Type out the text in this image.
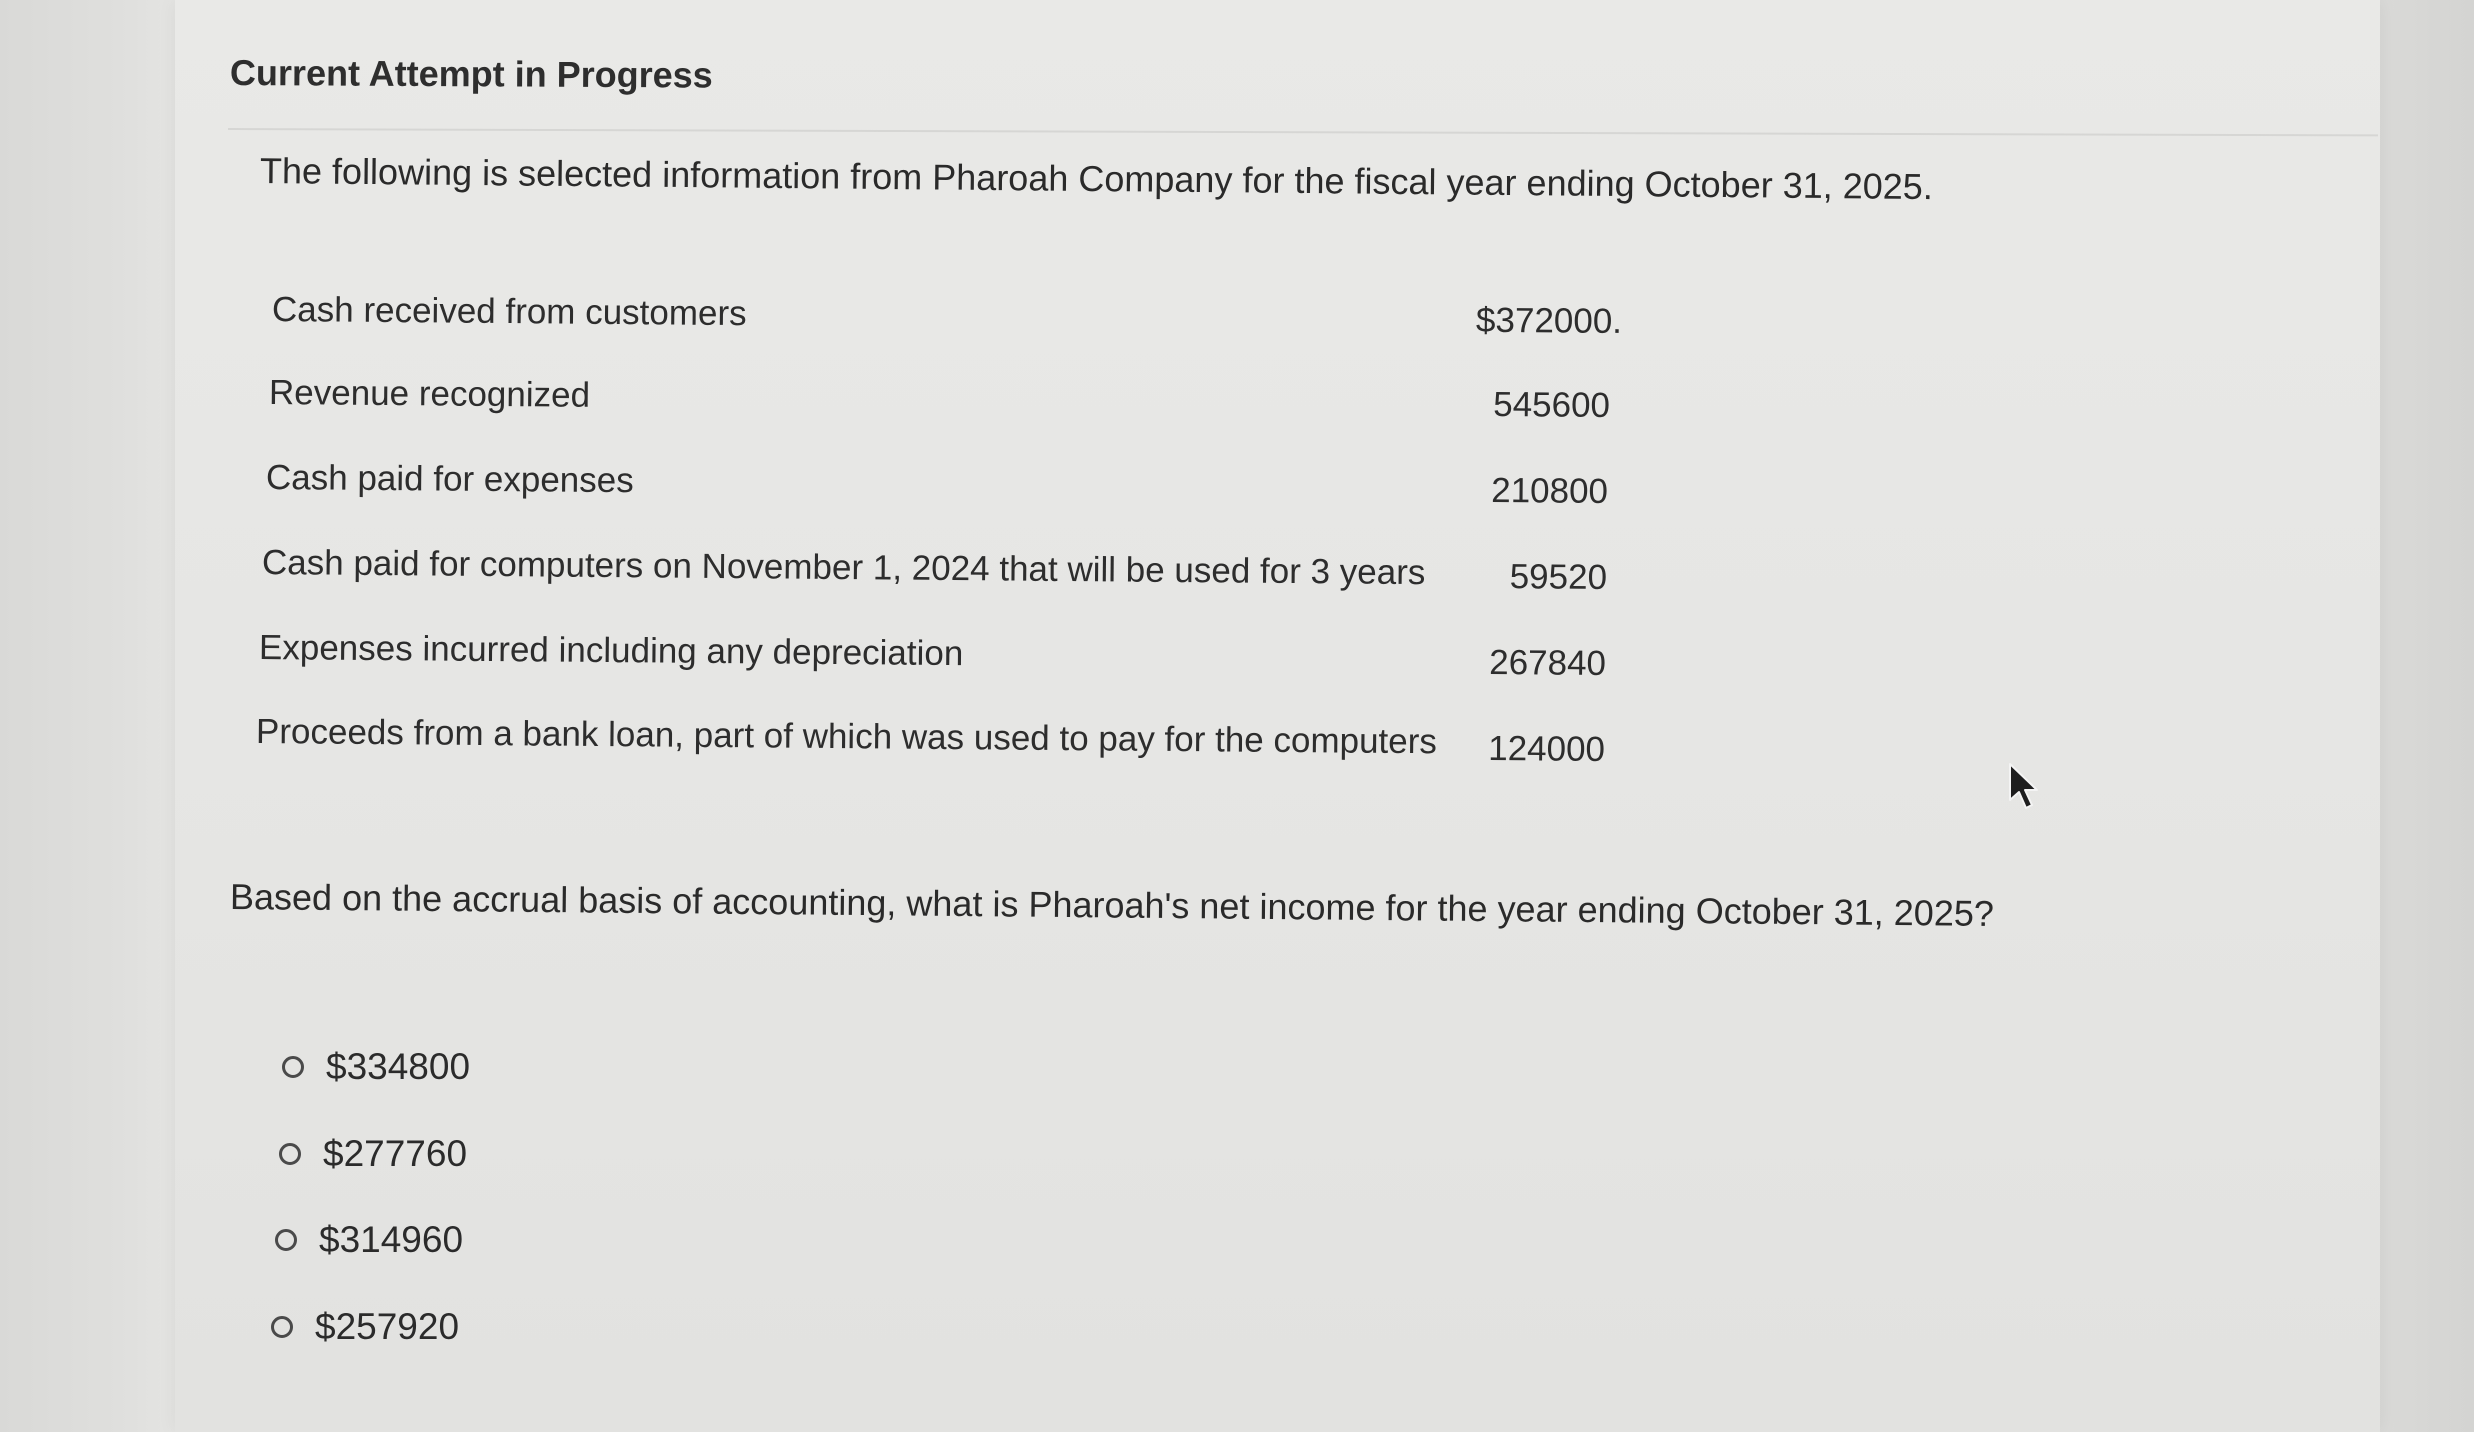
Current Attempt in Progress
The following is selected information from Pharoah Company for the fiscal year ending October 31, 2025.
Cash received from customers	$372000.
Revenue recognized	545600
Cash paid for expenses	210800
Cash paid for computers on November 1, 2024 that will be used for 3 years	59520
Expenses incurred including any depreciation	267840
Proceeds from a bank loan, part of which was used to pay for the computers	124000
Based on the accrual basis of accounting, what is Pharoah's net income for the year ending October 31, 2025?
$334800
$277760
$314960
$257920
